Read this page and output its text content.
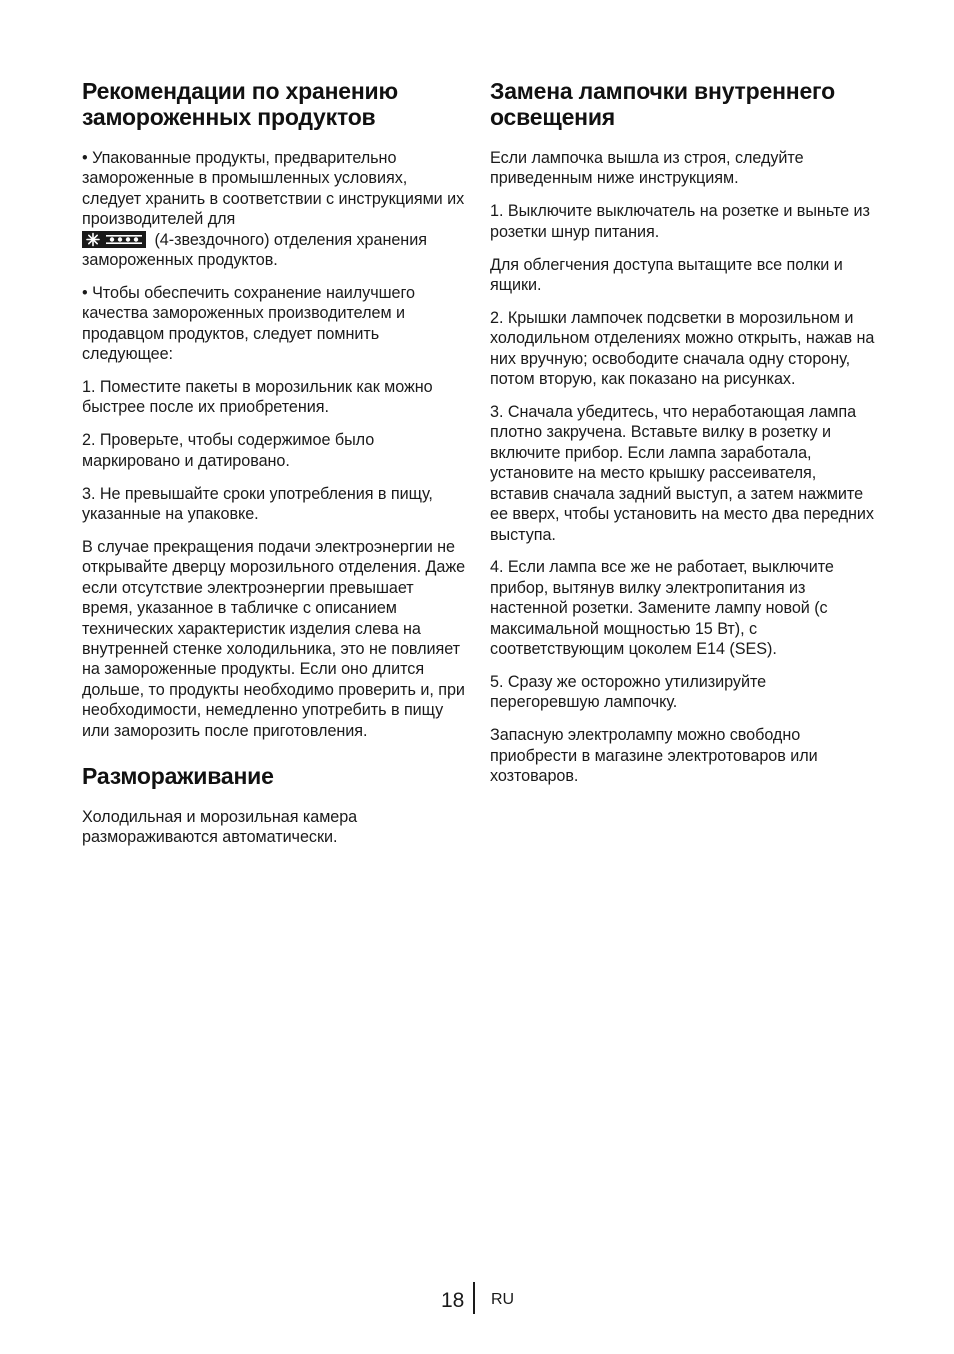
Рекомендации по хранению замороженных продуктов

• Упакованные продукты, предварительно замороженные в промышленных условиях, следует хранить в соответствии с инструкциями их производителей для

(4-звездочного) отделения хранения замороженных продуктов.

• Чтобы обеспечить сохранение наилучшего качества замороженных производителем и продавцом продуктов, следует помнить следующее:

1. Поместите пакеты в морозильник как можно быстрее после их приобретения.

2. Проверьте, чтобы содержимое было маркировано и датировано.

3. Не превышайте сроки употребления в пищу, указанные на упаковке.

В случае прекращения подачи электроэнергии не открывайте дверцу морозильного отделения. Даже если отсутствие электроэнергии превышает время, указанное в табличке с описанием технических характеристик изделия слева на внутренней стенке холодильника, это не повлияет на замороженные продукты. Если оно длится дольше, то продукты необходимо проверить и, при необходимости, немедленно употребить в пищу или заморозить после приготовления.

Размораживание

Холодильная и морозильная камера размораживаются автоматически.

Замена лампочки внутреннего освещения

Если лампочка вышла из строя, следуйте приведенным ниже инструкциям.

1. Выключите выключатель на розетке и выньте из розетки шнур питания.

Для облегчения доступа вытащите все полки и ящики.

2. Крышки лампочек подсветки в морозильном и холодильном отделениях можно открыть, нажав на них вручную; освободите сначала одну сторону, потом вторую, как показано на рисунках.

3. Сначала убедитесь, что неработающая лампа плотно закручена. Вставьте вилку в розетку и включите прибор. Если лампа заработала, установите на место крышку рассеивателя, вставив сначала задний выступ, а затем нажмите ее вверх, чтобы установить на место два передних выступа.

4. Если лампа все же не работает, выключите прибор, вытянув вилку электропитания из настенной розетки. Замените лампу новой (с максимальной мощностью 15 Вт), с соответствующим цоколем E14 (SES).

5. Сразу же осторожно утилизируйте перегоревшую лампочку.

Запасную электролампу можно свободно приобрести в магазине электротоваров или хозтоваров.

18 RU
